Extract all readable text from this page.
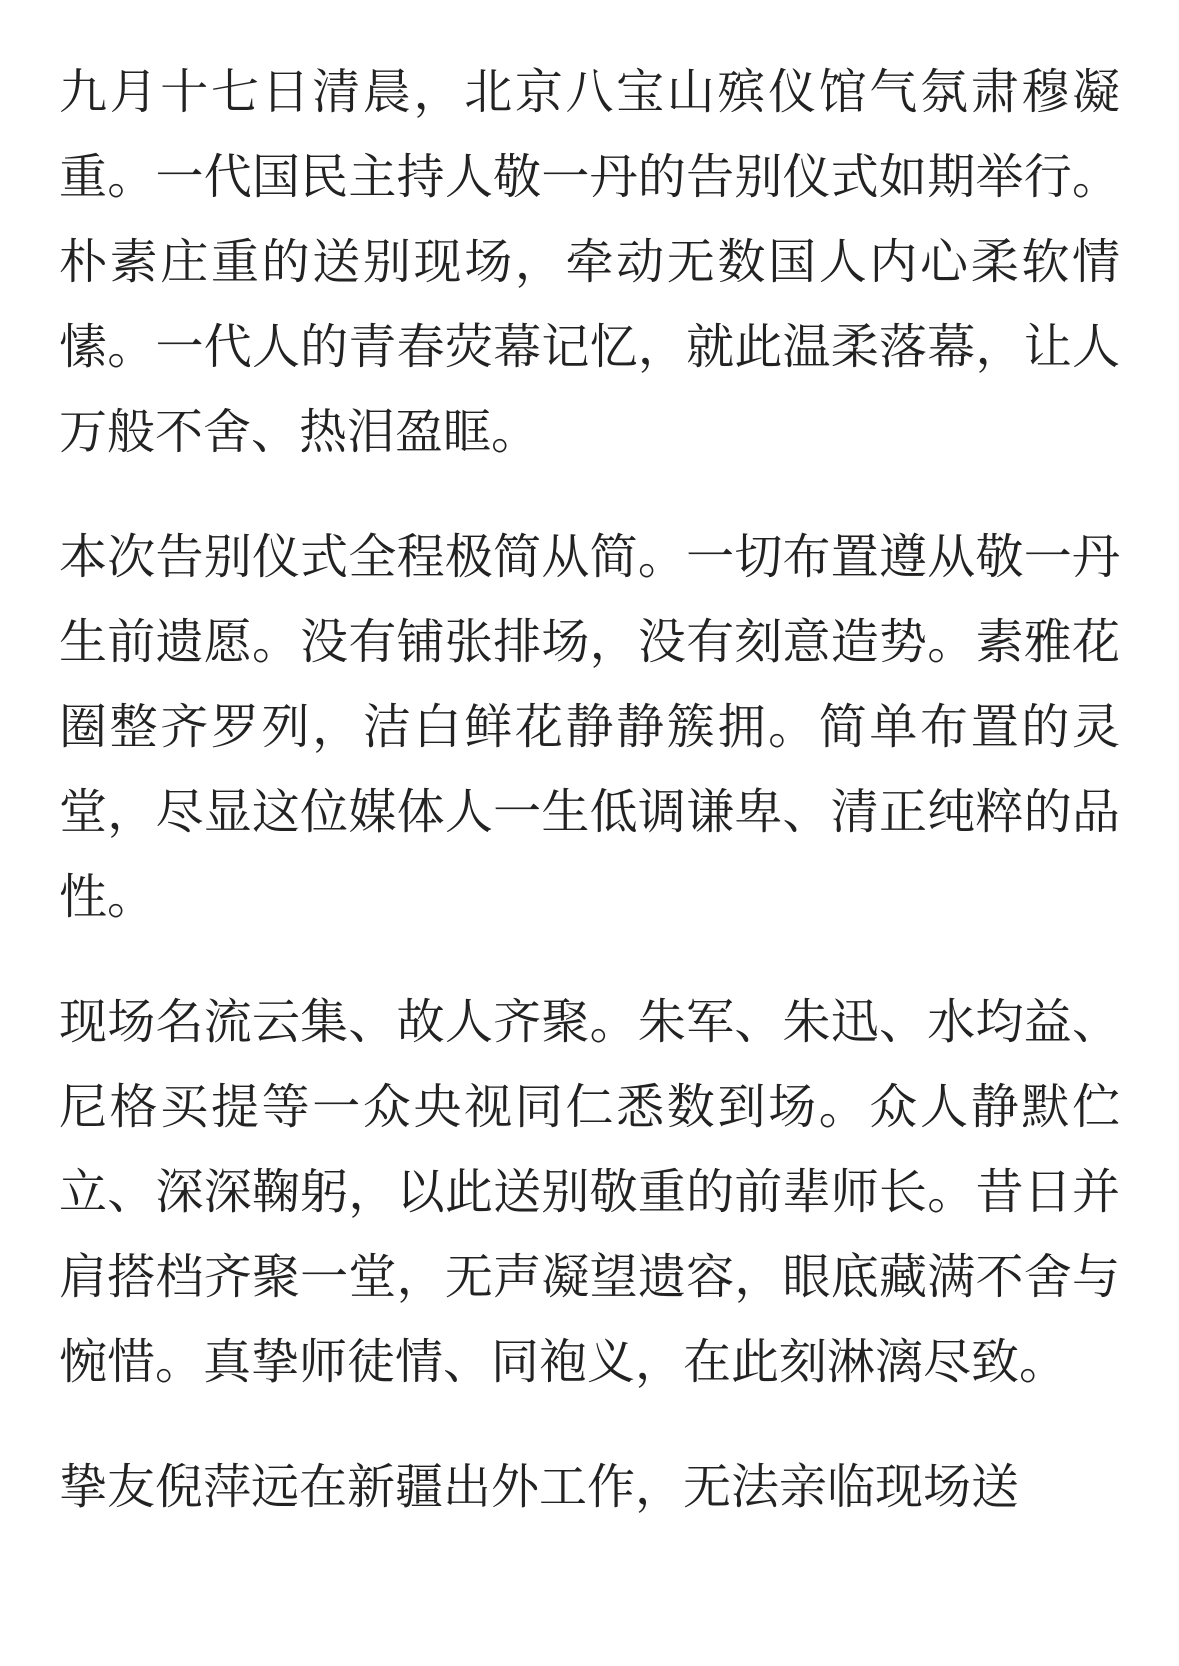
九月十七日清晨，北京八宝山殡仪馆气氛肃穆凝重。一代国民主持人敬一丹的告别仪式如期举行。朴素庄重的送别现场，牵动无数国人内心柔软情愫。一代人的青春荧幕记忆，就此温柔落幕，让人万般不舍、热泪盈眶。

本次告别仪式全程极简从简。一切布置遵从敬一丹生前遗愿。没有铺张排场，没有刻意造势。素雅花圈整齐罗列，洁白鲜花静静簇拥。简单布置的灵堂，尽显这位媒体人一生低调谦卑、清正纯粹的品性。

现场名流云集、故人齐聚。朱军、朱迅、水均益、尼格买提等一众央视同仁悉数到场。众人静默伫立、深深鞠躬，以此送别敬重的前辈师长。昔日并肩搭档齐聚一堂，无声凝望遗容，眼底藏满不舍与惋惜。真挚师徒情、同袍义，在此刻淋漓尽致。

挚友倪萍远在新疆出外工作，无法亲临现场送
